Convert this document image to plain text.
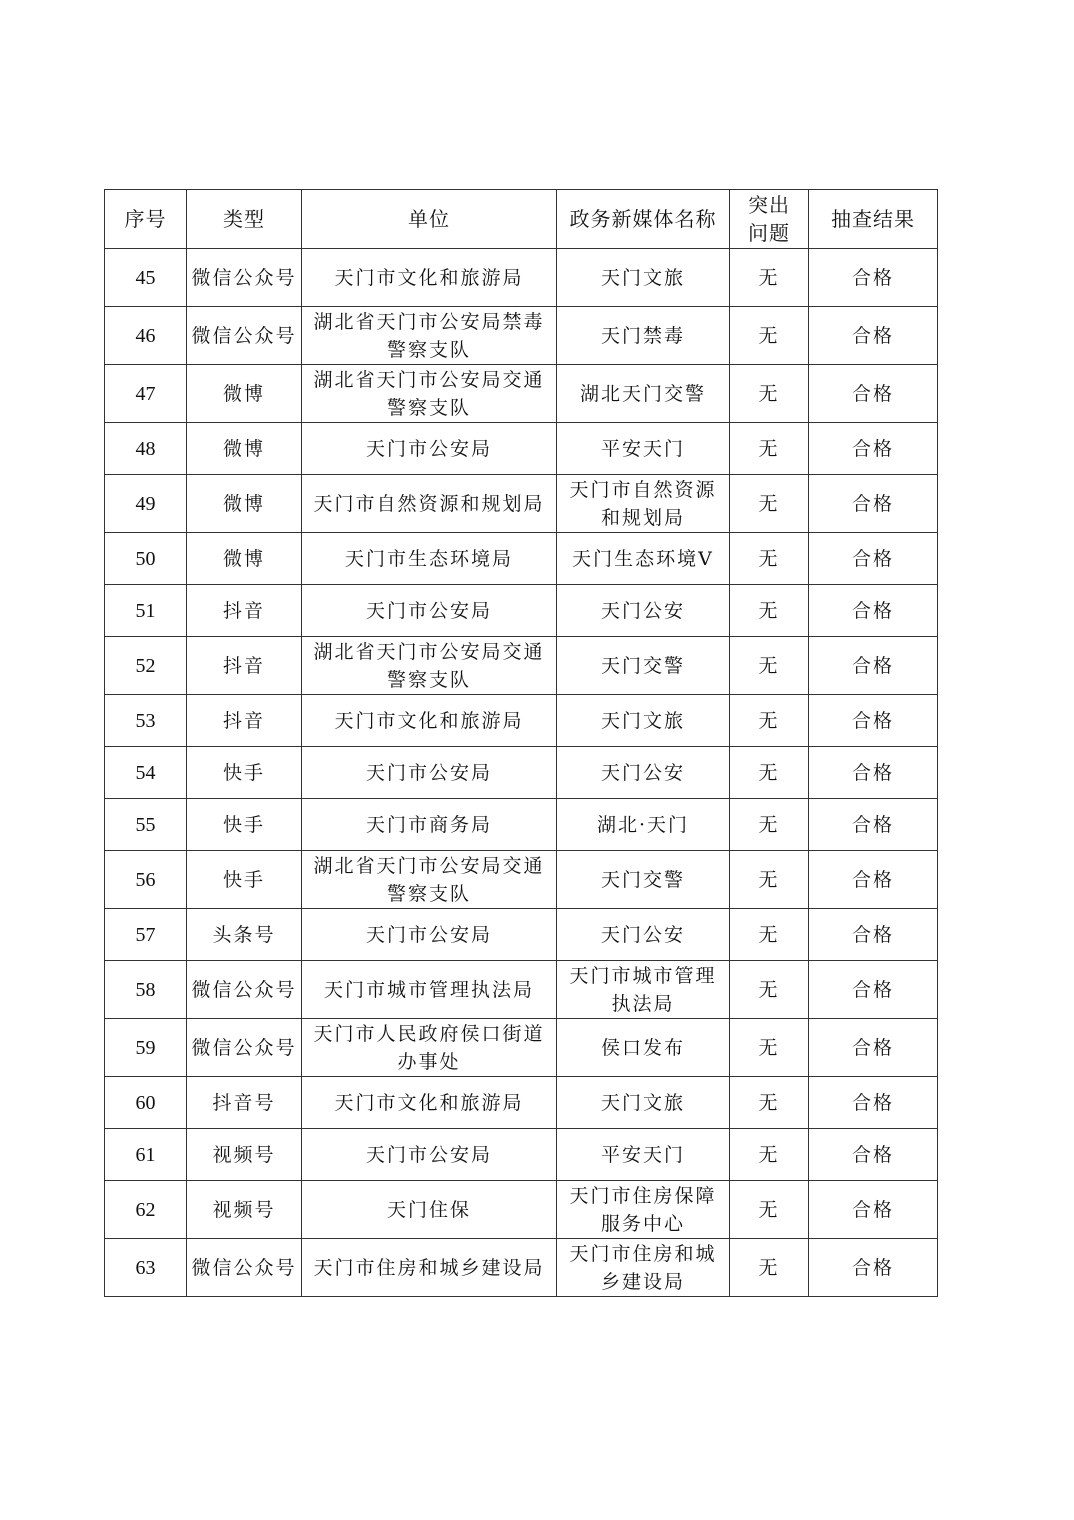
序号	类型	单位	政务新媒体名称	突出问题	抽查结果
45	微信公众号	天门市文化和旅游局	天门文旅	无	合格
46	微信公众号	湖北省天门市公安局禁毒警察支队	天门禁毒	无	合格
47	微博	湖北省天门市公安局交通警察支队	湖北天门交警	无	合格
48	微博	天门市公安局	平安天门	无	合格
49	微博	天门市自然资源和规划局	天门市自然资源和规划局	无	合格
50	微博	天门市生态环境局	天门生态环境V	无	合格
51	抖音	天门市公安局	天门公安	无	合格
52	抖音	湖北省天门市公安局交通警察支队	天门交警	无	合格
53	抖音	天门市文化和旅游局	天门文旅	无	合格
54	快手	天门市公安局	天门公安	无	合格
55	快手	天门市商务局	湖北·天门	无	合格
56	快手	湖北省天门市公安局交通警察支队	天门交警	无	合格
57	头条号	天门市公安局	天门公安	无	合格
58	微信公众号	天门市城市管理执法局	天门市城市管理执法局	无	合格
59	微信公众号	天门市人民政府侯口街道办事处	侯口发布	无	合格
60	抖音号	天门市文化和旅游局	天门文旅	无	合格
61	视频号	天门市公安局	平安天门	无	合格
62	视频号	天门住保	天门市住房保障服务中心	无	合格
63	微信公众号	天门市住房和城乡建设局	天门市住房和城乡建设局	无	合格
